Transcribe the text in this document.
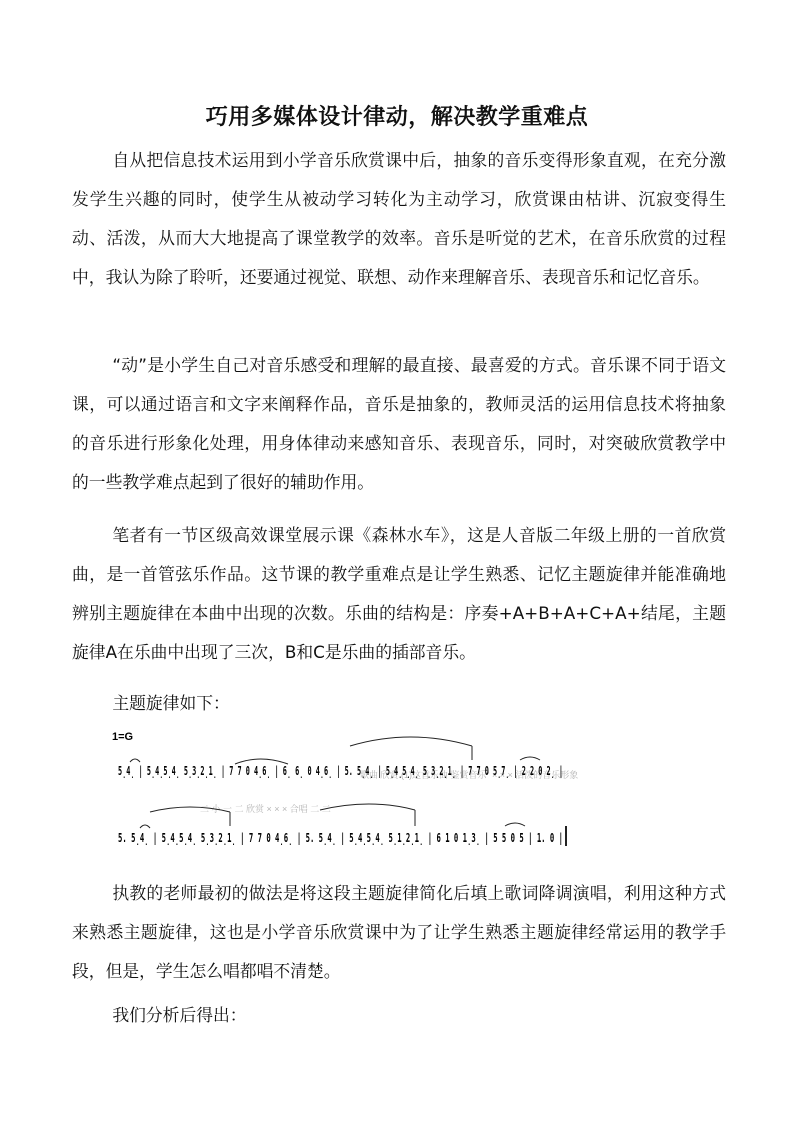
巧用多媒体设计律动，解决教学重难点

自从把信息技术运用到小学音乐欣赏课中后，抽象的音乐变得形象直观，在充分激发学生兴趣的同时，使学生从被动学习转化为主动学习，欣赏课由枯讲、沉寂变得生动、活泼，从而大大地提高了课堂教学的效率。音乐是听觉的艺术，在音乐欣赏的过程中，我认为除了聆听，还要通过视觉、联想、动作来理解音乐、表现音乐和记忆音乐。

“动”是小学生自己对音乐感受和理解的最直接、最喜爱的方式。音乐课不同于语文课，可以通过语言和文字来阐释作品，音乐是抽象的，教师灵活的运用信息技术将抽象的音乐进行形象化处理，用身体律动来感知音乐、表现音乐，同时，对突破欣赏教学中的一些教学难点起到了很好的辅助作用。

笔者有一节区级高效课堂展示课《森林水车》，这是人音版二年级上册的一首欣赏曲，是一首管弦乐作品。这节课的教学重难点是让学生熟悉、记忆主题旋律并能准确地辨别主题旋律在本曲中出现的次数。乐曲的结构是：序奏+A+B+A+C+A+结尾，主题旋律A在乐曲中出现了三次，B和C是乐曲的插部音乐。

主题旋律如下：

歌曲 欣赏 (1)这首乐曲 鉴赏音乐“ × × × 活泼的音乐形象
二 小 一 二 欣赏 × × × 合唱 二 二
1=G
5̣4̣ | 5̣4̣5̣4̣ 5̣3̣2̣1̣ | 7 7 0 4̣6̣ | 6̣ 6̣ 0 4̣6̣ | 5. 5̣4̣ | 5̣4̣5̣4̣ 5̣3̣2̣1̣ | 7 7 0 5̣7̣ | 2 2 0 2̣ |
5. 5̣4̣ | 5̣4̣5̣4̣ 5̣3̣2̣1̣ | 7 7 0 4̣6̣ | 5. 5̣4̣ | 5̣4̣5̣4̣ 5̣1̣2̣1̣ | 6 1 0 1̣3̣ | 5 5 0 5 | 1. 0 |

执教的老师最初的做法是将这段主题旋律简化后填上歌词降调演唱，利用这种方式来熟悉主题旋律，这也是小学音乐欣赏课中为了让学生熟悉主题旋律经常运用的教学手段，但是，学生怎么唱都唱不清楚。

我们分析后得出：
